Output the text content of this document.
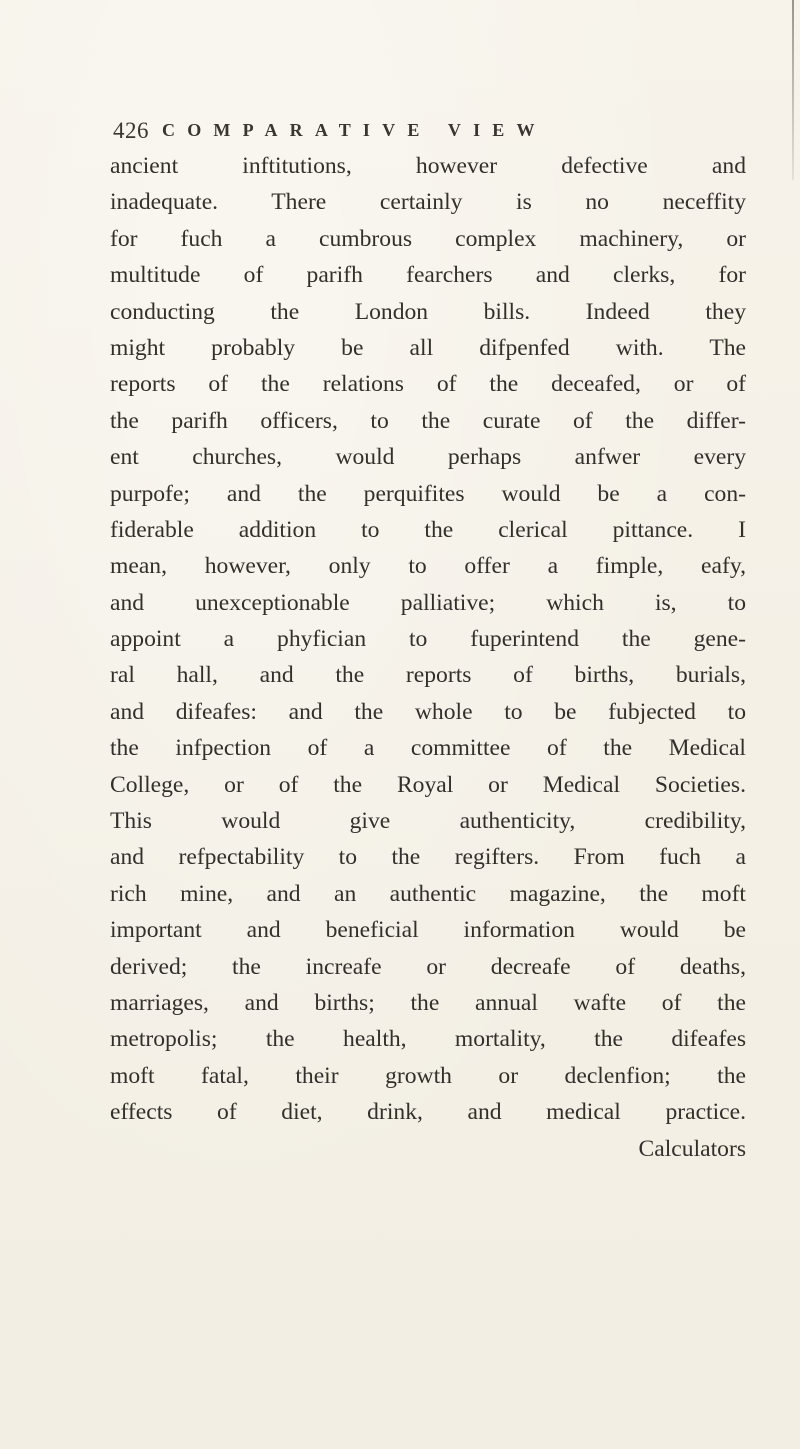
426 COMPARATIVE VIEW
ancient inftitutions, however defective and
inadequate. There certainly is no neceffity
for fuch a cumbrous complex machinery, or
multitude of parifh fearchers and clerks, for
conducting the London bills. Indeed they
might probably be all difpenfed with. The
reports of the relations of the deceafed, or of
the parifh officers, to the curate of the differ-
ent churches, would perhaps anfwer every
purpofe; and the perquifites would be a con-
fiderable addition to the clerical pittance. I
mean, however, only to offer a fimple, eafy,
and unexceptionable palliative; which is, to
appoint a phyfician to fuperintend the gene-
ral hall, and the reports of births, burials,
and difeafes: and the whole to be fubjected to
the infpection of a committee of the Medical
College, or of the Royal or Medical Societies.
This would give authenticity, credibility,
and refpectability to the regifters. From fuch a
rich mine, and an authentic magazine, the moft
important and beneficial information would be
derived; the increafe or decreafe of deaths,
marriages, and births; the annual wafte of the
metropolis; the health, mortality, the difeafes
moft fatal, their growth or declenfion; the
effects of diet, drink, and medical practice.
Calculators
